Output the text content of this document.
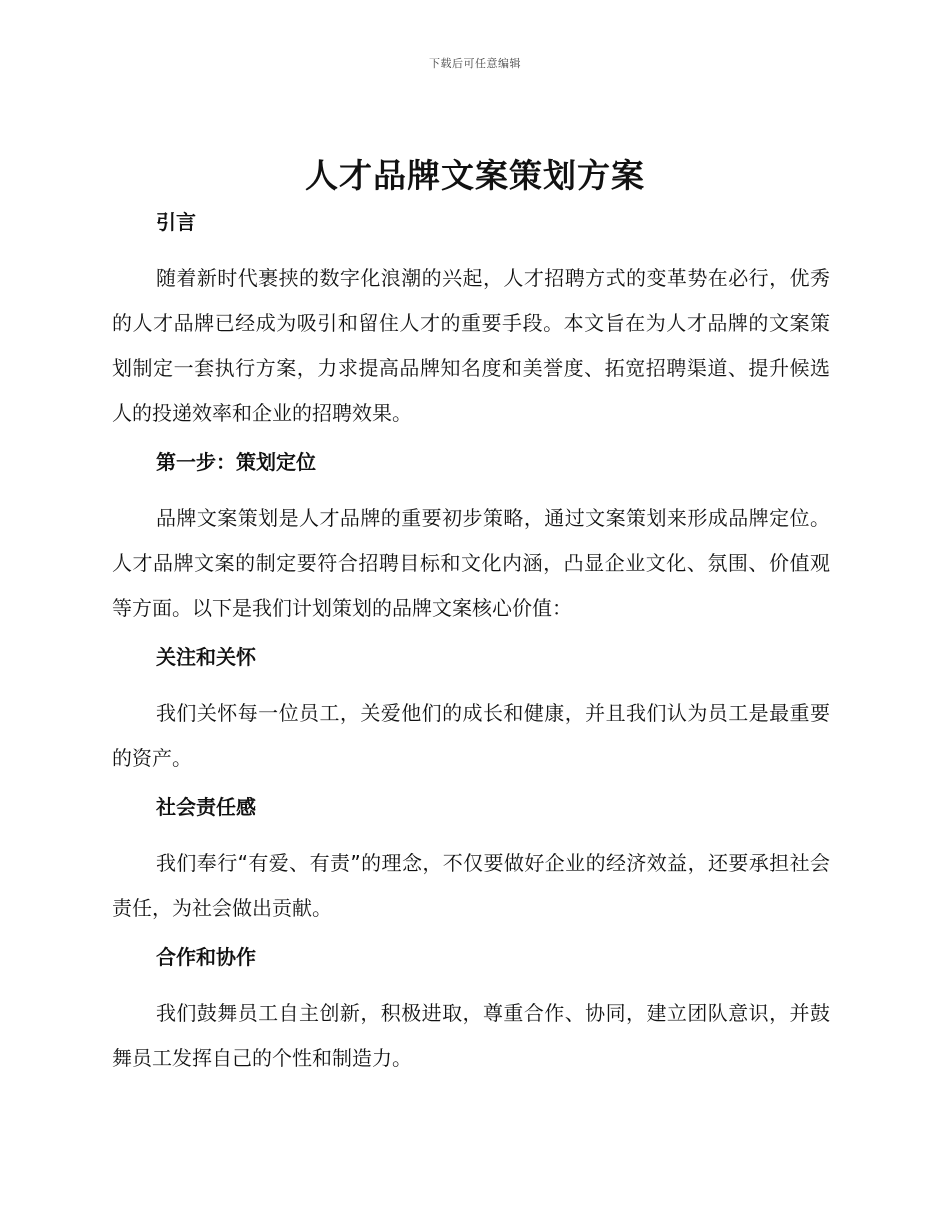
下载后可任意编辑
人才品牌文案策划方案
引言

随着新时代裹挟的数字化浪潮的兴起，人才招聘方式的变革势在必行，优秀的人才品牌已经成为吸引和留住人才的重要手段。本文旨在为人才品牌的文案策划制定一套执行方案，力求提高品牌知名度和美誉度、拓宽招聘渠道、提升候选人的投递效率和企业的招聘效果。

第一步：策划定位

品牌文案策划是人才品牌的重要初步策略，通过文案策划来形成品牌定位。人才品牌文案的制定要符合招聘目标和文化内涵，凸显企业文化、氛围、价值观等方面。以下是我们计划策划的品牌文案核心价值：

关注和关怀

我们关怀每一位员工，关爱他们的成长和健康，并且我们认为员工是最重要的资产。

社会责任感

我们奉行“有爱、有责”的理念，不仅要做好企业的经济效益，还要承担社会责任，为社会做出贡献。

合作和协作

我们鼓舞员工自主创新，积极进取，尊重合作、协同，建立团队意识，并鼓舞员工发挥自己的个性和制造力。
